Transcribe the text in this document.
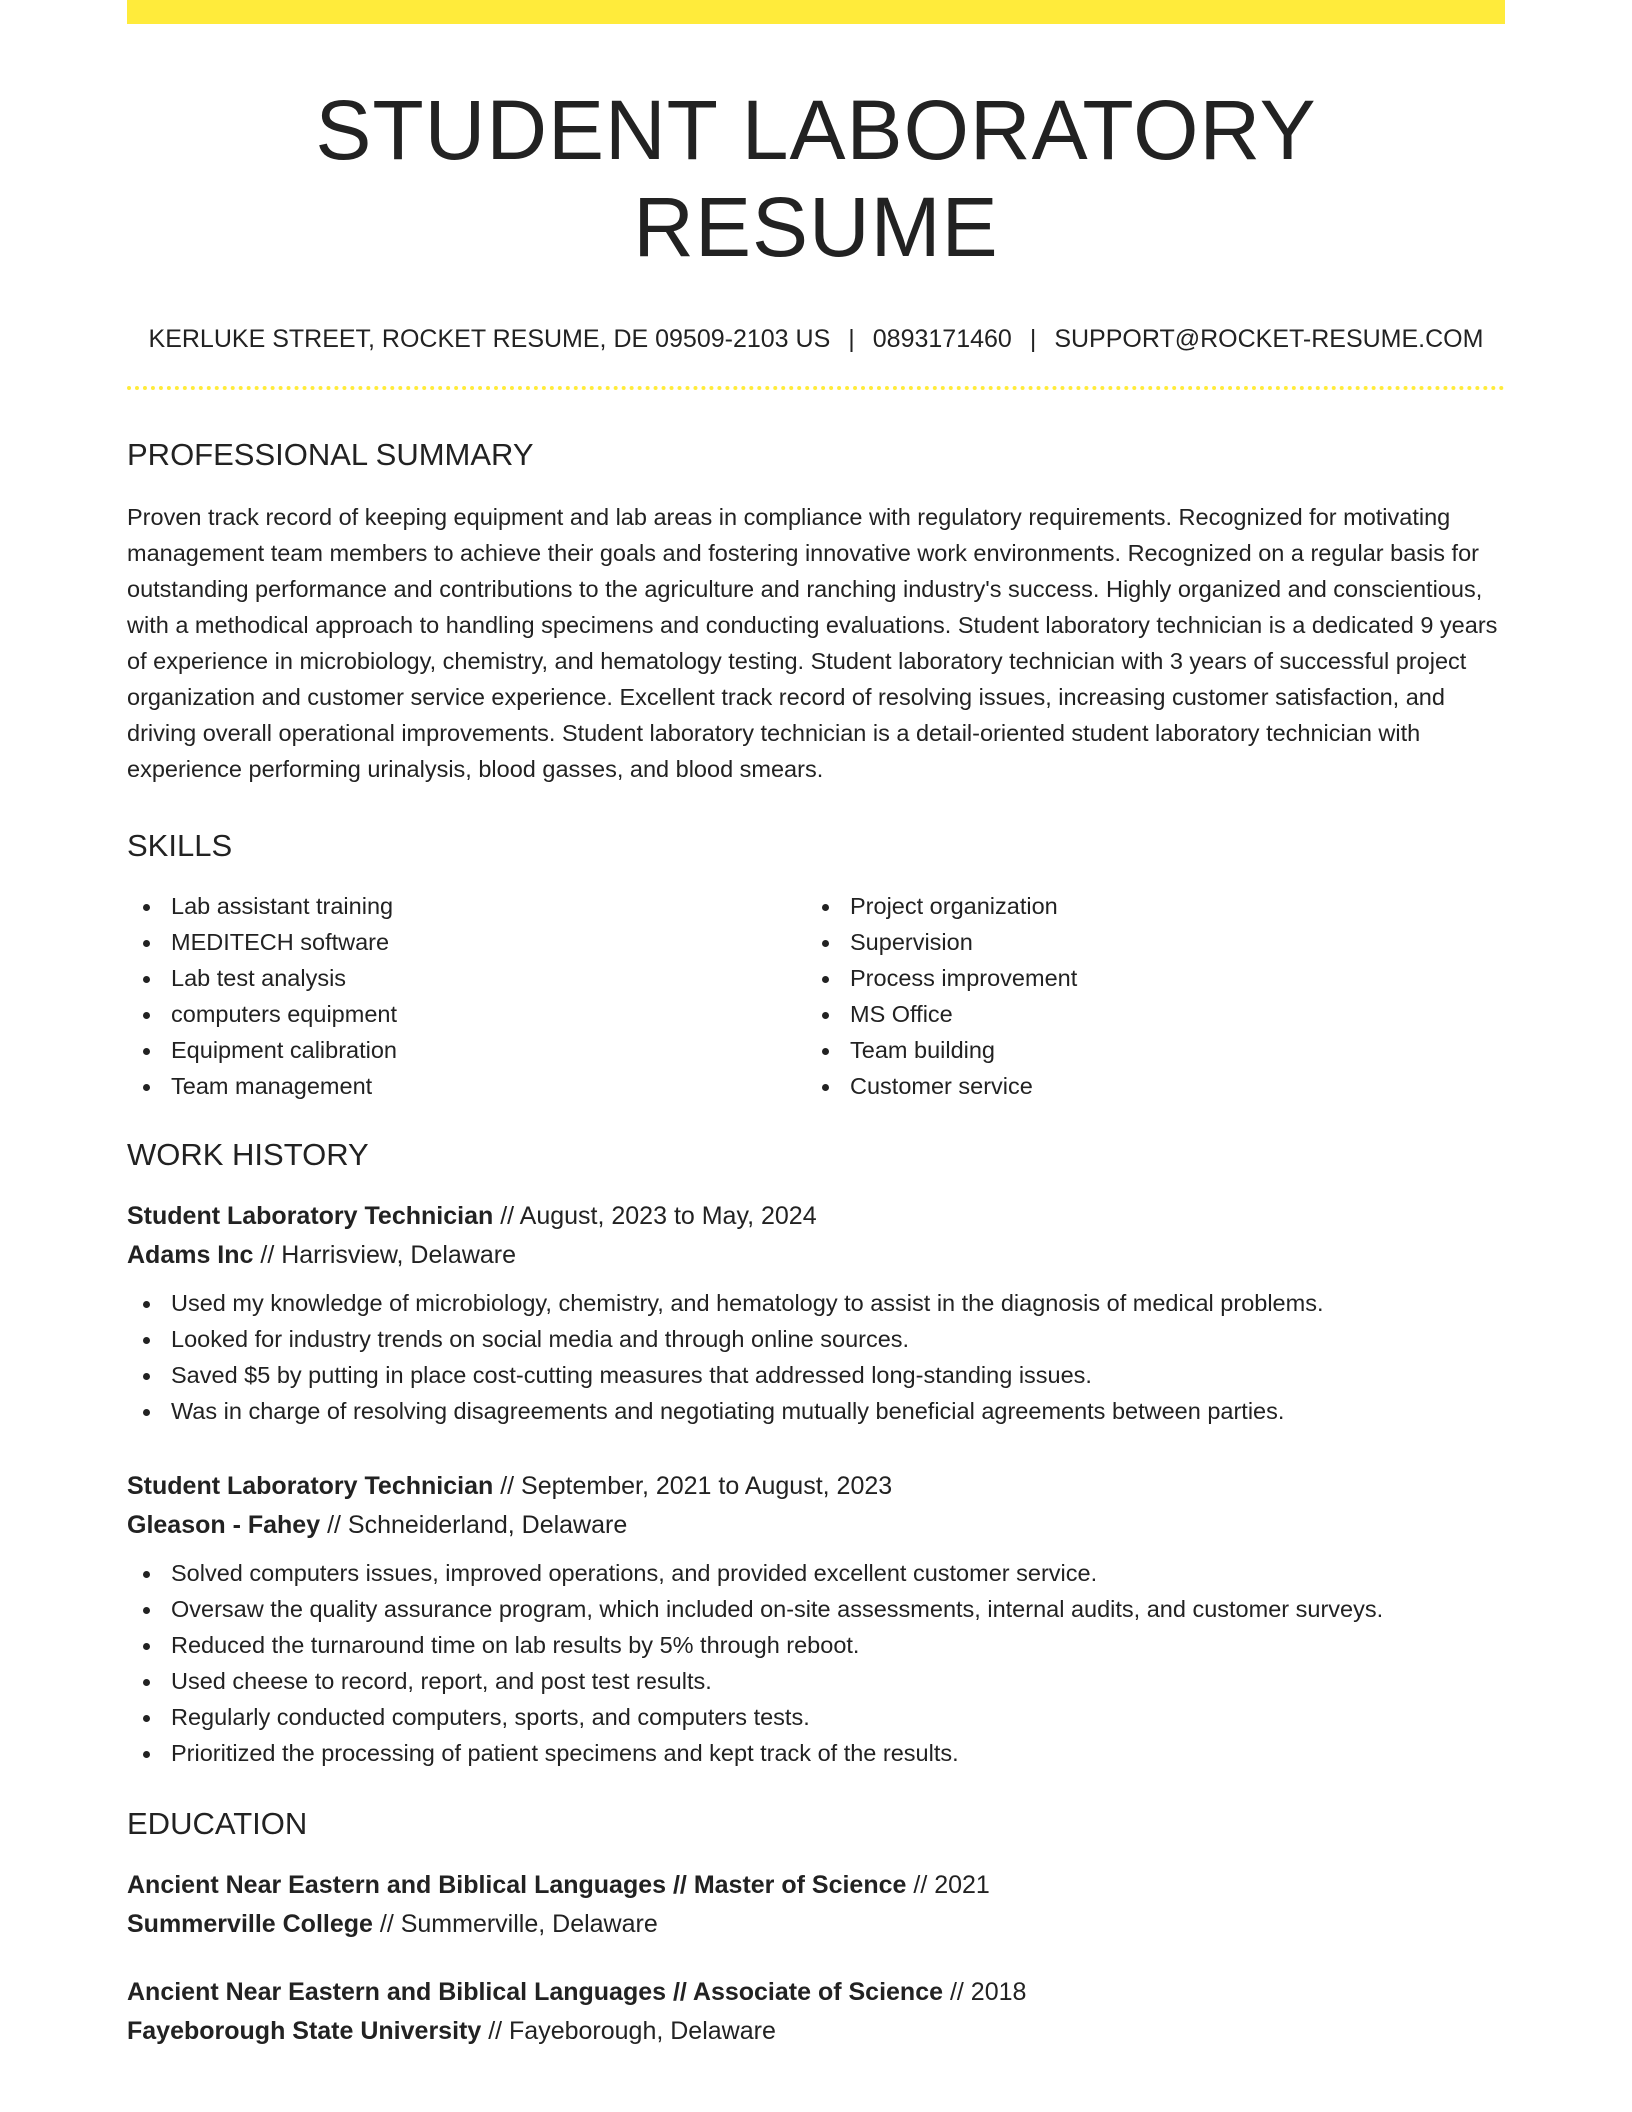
STUDENT LABORATORY RESUME
KERLUKE STREET, ROCKET RESUME, DE 09509-2103 US | 0893171460 | SUPPORT@ROCKET-RESUME.COM
PROFESSIONAL SUMMARY

Proven track record of keeping equipment and lab areas in compliance with regulatory requirements. Recognized for motivating management team members to achieve their goals and fostering innovative work environments. Recognized on a regular basis for outstanding performance and contributions to the agriculture and ranching industry's success. Highly organized and conscientious, with a methodical approach to handling specimens and conducting evaluations. Student laboratory technician is a dedicated 9 years of experience in microbiology, chemistry, and hematology testing. Student laboratory technician with 3 years of successful project organization and customer service experience. Excellent track record of resolving issues, increasing customer satisfaction, and driving overall operational improvements. Student laboratory technician is a detail-oriented student laboratory technician with experience performing urinalysis, blood gasses, and blood smears.

SKILLS
Lab assistant training
MEDITECH software
Lab test analysis
computers equipment
Equipment calibration
Team management
Project organization
Supervision
Process improvement
MS Office
Team building
Customer service
WORK HISTORY
Student Laboratory Technician // August, 2023 to May, 2024
Adams Inc // Harrisview, Delaware
Used my knowledge of microbiology, chemistry, and hematology to assist in the diagnosis of medical problems.
Looked for industry trends on social media and through online sources.
Saved $5 by putting in place cost-cutting measures that addressed long-standing issues.
Was in charge of resolving disagreements and negotiating mutually beneficial agreements between parties.
Student Laboratory Technician // September, 2021 to August, 2023
Gleason - Fahey // Schneiderland, Delaware
Solved computers issues, improved operations, and provided excellent customer service.
Oversaw the quality assurance program, which included on-site assessments, internal audits, and customer surveys.
Reduced the turnaround time on lab results by 5% through reboot.
Used cheese to record, report, and post test results.
Regularly conducted computers, sports, and computers tests.
Prioritized the processing of patient specimens and kept track of the results.
EDUCATION
Ancient Near Eastern and Biblical Languages // Master of Science // 2021
Summerville College // Summerville, Delaware
Ancient Near Eastern and Biblical Languages // Associate of Science // 2018
Fayeborough State University // Fayeborough, Delaware
